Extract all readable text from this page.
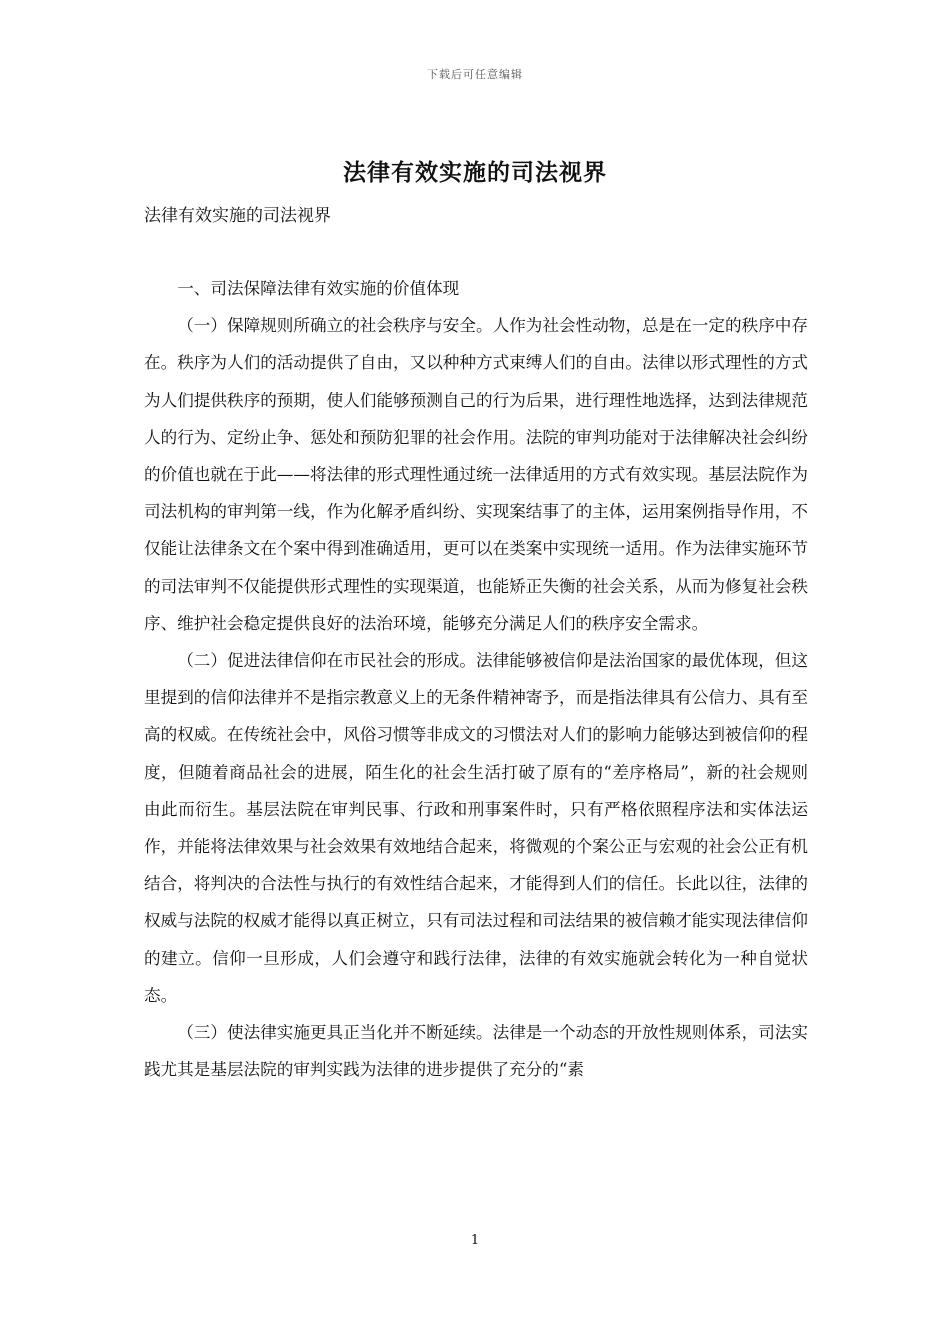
下载后可任意编辑
法律有效实施的司法视界
法律有效实施的司法视界

一、司法保障法律有效实施的价值体现

（一）保障规则所确立的社会秩序与安全。人作为社会性动物，总是在一定的秩序中存在。秩序为人们的活动提供了自由，又以种种方式束缚人们的自由。法律以形式理性的方式为人们提供秩序的预期，使人们能够预测自己的行为后果，进行理性地选择，达到法律规范人的行为、定纷止争、惩处和预防犯罪的社会作用。法院的审判功能对于法律解决社会纠纷的价值也就在于此——将法律的形式理性通过统一法律适用的方式有效实现。基层法院作为司法机构的审判第一线，作为化解矛盾纠纷、实现案结事了的主体，运用案例指导作用，不仅能让法律条文在个案中得到准确适用，更可以在类案中实现统一适用。作为法律实施环节的司法审判不仅能提供形式理性的实现渠道，也能矫正失衡的社会关系，从而为修复社会秩序、维护社会稳定提供良好的法治环境，能够充分满足人们的秩序安全需求。

（二）促进法律信仰在市民社会的形成。法律能够被信仰是法治国家的最优体现，但这里提到的信仰法律并不是指宗教意义上的无条件精神寄予，而是指法律具有公信力、具有至高的权威。在传统社会中，风俗习惯等非成文的习惯法对人们的影响力能够达到被信仰的程度，但随着商品社会的进展，陌生化的社会生活打破了原有的“差序格局”，新的社会规则由此而衍生。基层法院在审判民事、行政和刑事案件时，只有严格依照程序法和实体法运作，并能将法律效果与社会效果有效地结合起来，将微观的个案公正与宏观的社会公正有机结合，将判决的合法性与执行的有效性结合起来，才能得到人们的信任。长此以往，法律的权威与法院的权威才能得以真正树立，只有司法过程和司法结果的被信赖才能实现法律信仰的建立。信仰一旦形成，人们会遵守和践行法律，法律的有效实施就会转化为一种自觉状态。

（三）使法律实施更具正当化并不断延续。法律是一个动态的开放性规则体系，司法实践尤其是基层法院的审判实践为法律的进步提供了充分的“素

1
